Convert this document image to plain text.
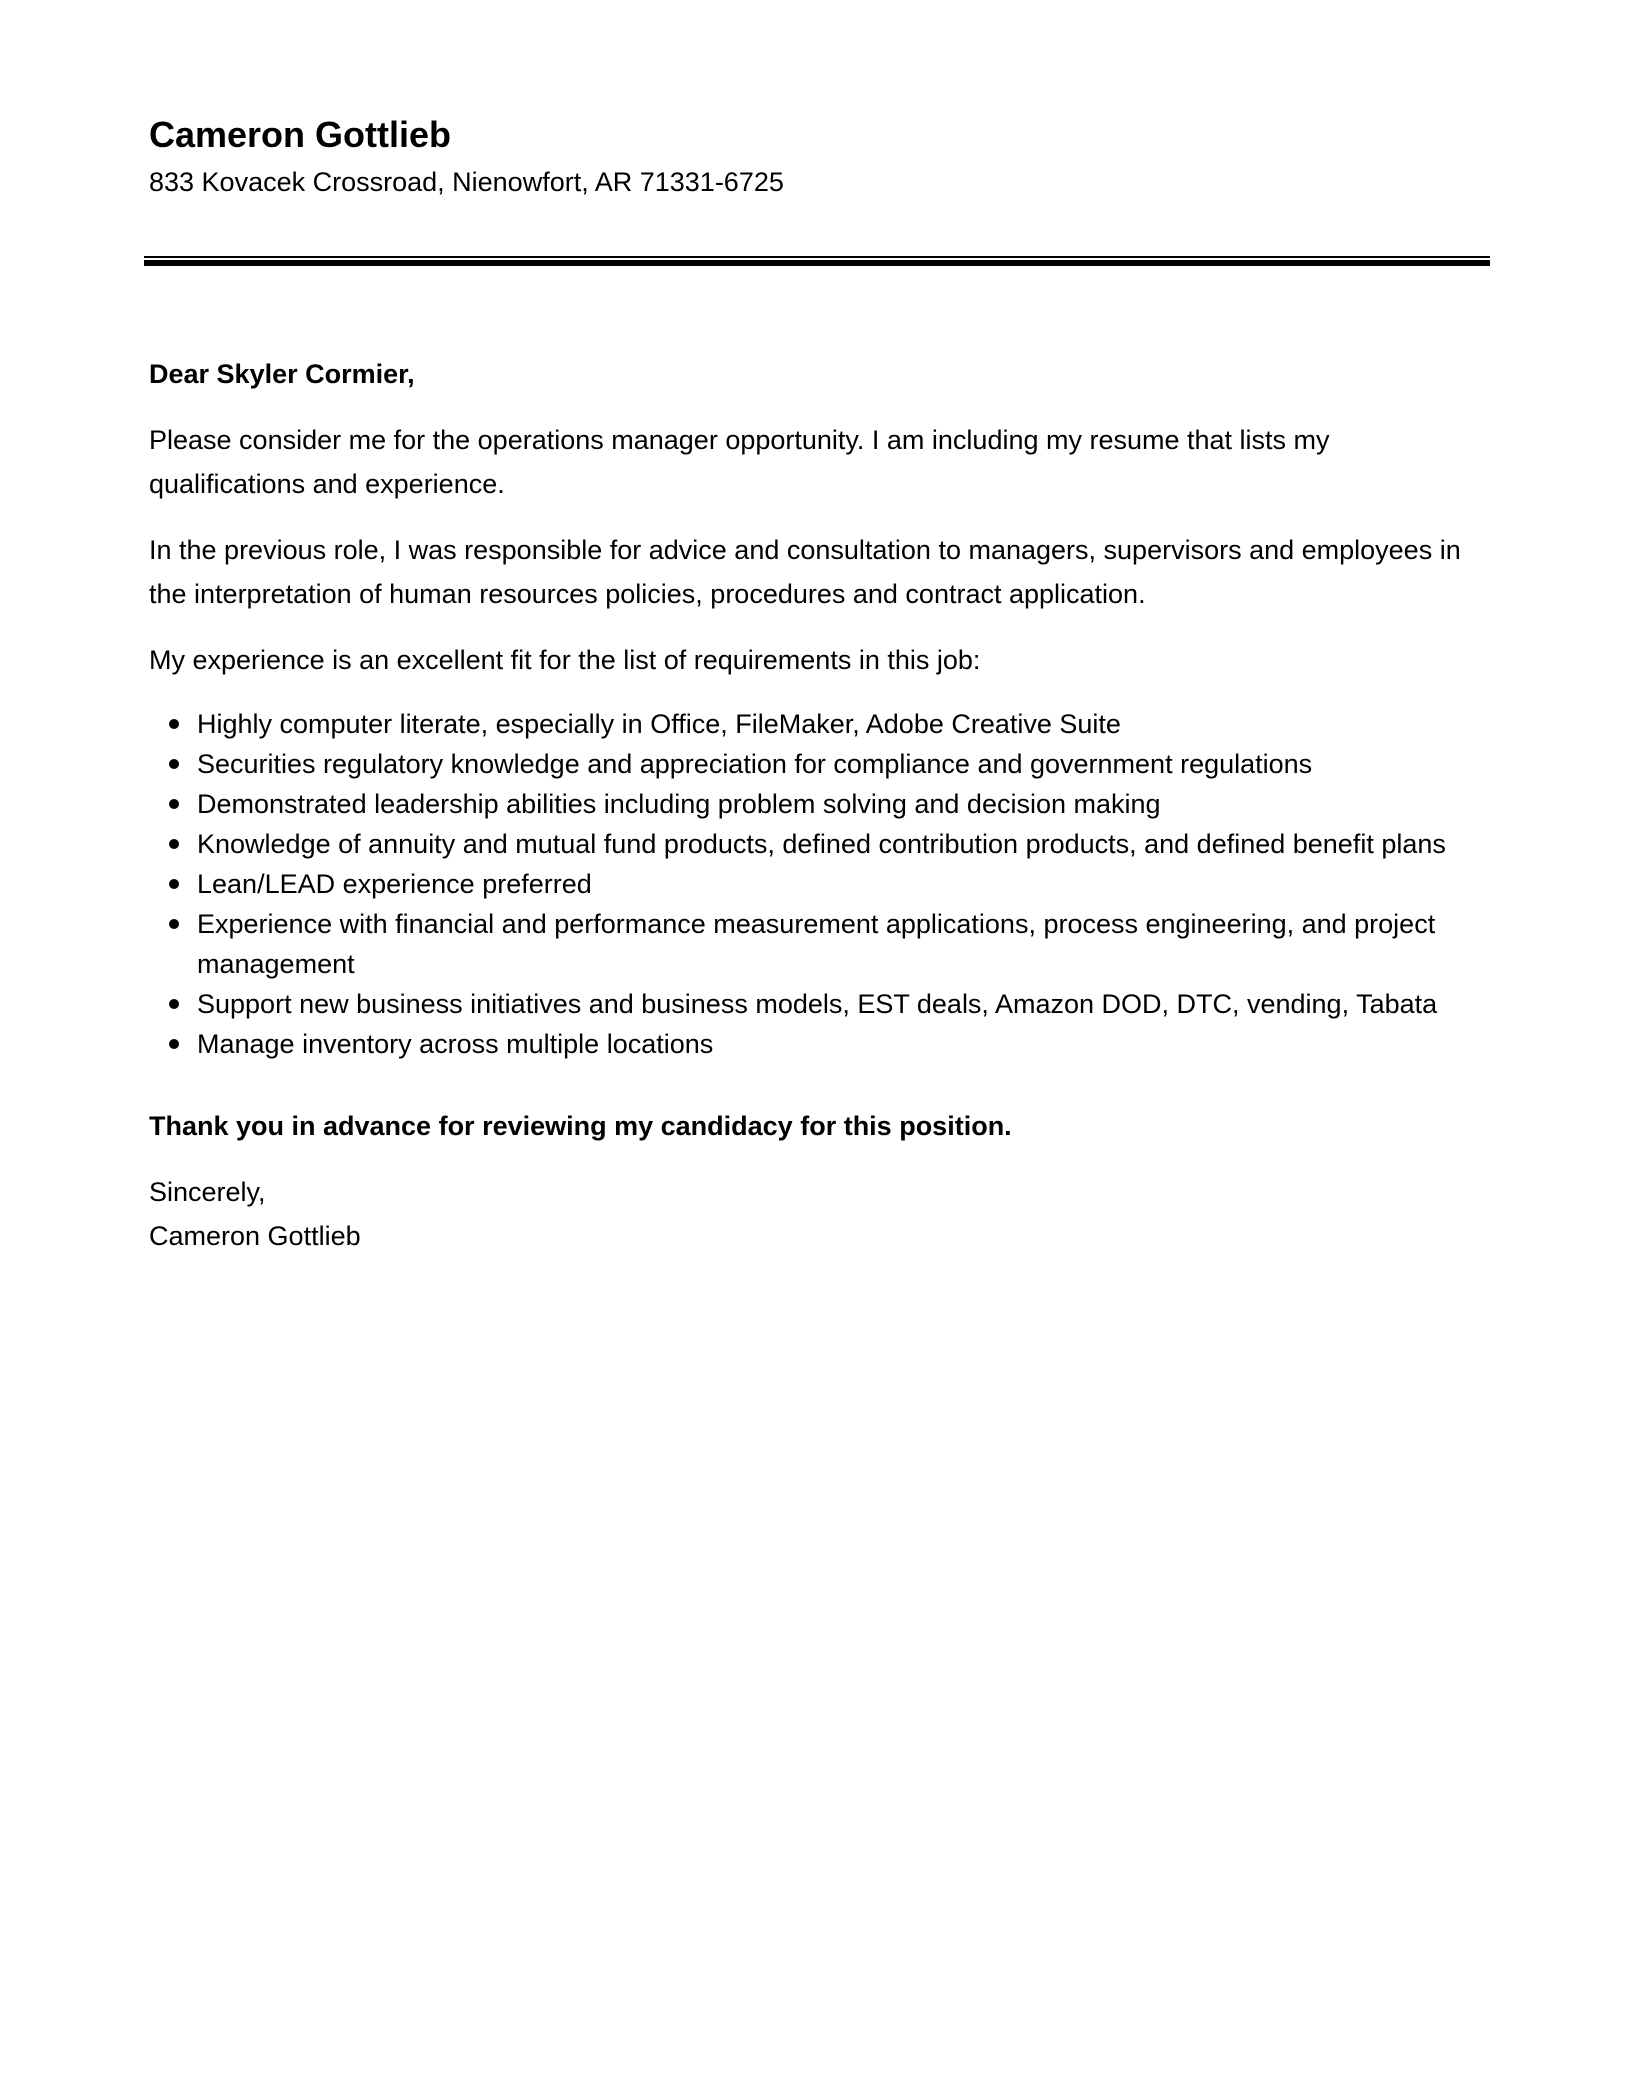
Cameron Gottlieb

833 Kovacek Crossroad, Nienowfort, AR 71331-6725

Dear Skyler Cormier,

Please consider me for the operations manager opportunity. I am including my resume that lists my qualifications and experience.

In the previous role, I was responsible for advice and consultation to managers, supervisors and employees in the interpretation of human resources policies, procedures and contract application.

My experience is an excellent fit for the list of requirements in this job:

Highly computer literate, especially in Office, FileMaker, Adobe Creative Suite
Securities regulatory knowledge and appreciation for compliance and government regulations
Demonstrated leadership abilities including problem solving and decision making
Knowledge of annuity and mutual fund products, defined contribution products, and defined benefit plans
Lean/LEAD experience preferred
Experience with financial and performance measurement applications, process engineering, and project management
Support new business initiatives and business models, EST deals, Amazon DOD, DTC, vending, Tabata
Manage inventory across multiple locations

Thank you in advance for reviewing my candidacy for this position.

Sincerely,

Cameron Gottlieb
